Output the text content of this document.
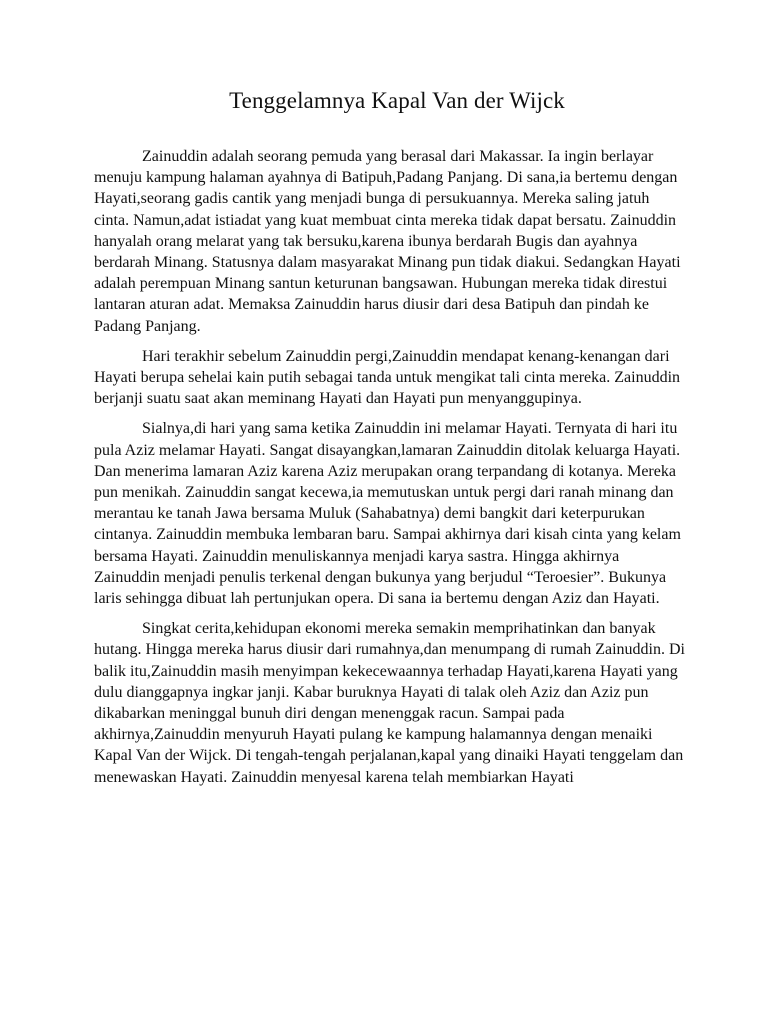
Tenggelamnya Kapal Van der Wijck

Zainuddin adalah seorang pemuda yang berasal dari Makassar. Ia ingin berlayar menuju kampung halaman ayahnya di Batipuh,Padang Panjang. Di sana,ia bertemu dengan Hayati,seorang gadis cantik yang menjadi bunga di persukuannya. Mereka saling jatuh cinta. Namun,adat istiadat yang kuat membuat cinta mereka tidak dapat bersatu. Zainuddin hanyalah orang melarat yang tak bersuku,karena ibunya berdarah Bugis dan ayahnya berdarah Minang. Statusnya dalam masyarakat Minang pun tidak diakui. Sedangkan Hayati adalah perempuan Minang santun keturunan bangsawan. Hubungan mereka tidak direstui lantaran aturan adat. Memaksa Zainuddin harus diusir dari desa Batipuh dan pindah ke Padang Panjang.

Hari terakhir sebelum Zainuddin pergi,Zainuddin mendapat kenang-kenangan dari Hayati berupa sehelai kain putih sebagai tanda untuk mengikat tali cinta mereka. Zainuddin berjanji suatu saat akan meminang Hayati dan Hayati pun menyanggupinya.

Sialnya,di hari yang sama ketika Zainuddin ini melamar Hayati. Ternyata di hari itu pula Aziz melamar Hayati. Sangat disayangkan,lamaran Zainuddin ditolak keluarga Hayati. Dan menerima lamaran Aziz karena Aziz merupakan orang terpandang di kotanya. Mereka pun menikah. Zainuddin sangat kecewa,ia memutuskan untuk pergi dari ranah minang dan merantau ke tanah Jawa bersama Muluk (Sahabatnya) demi bangkit dari keterpurukan cintanya. Zainuddin membuka lembaran baru. Sampai akhirnya dari kisah cinta yang kelam bersama Hayati. Zainuddin menuliskannya menjadi karya sastra. Hingga akhirnya Zainuddin menjadi penulis terkenal dengan bukunya yang berjudul “Teroesier”. Bukunya laris sehingga dibuat lah pertunjukan opera. Di sana ia bertemu dengan Aziz dan Hayati.

Singkat cerita,kehidupan ekonomi mereka semakin memprihatinkan dan banyak hutang. Hingga mereka harus diusir dari rumahnya,dan menumpang di rumah Zainuddin. Di balik itu,Zainuddin masih menyimpan kekecewaannya terhadap Hayati,karena Hayati yang dulu dianggapnya ingkar janji. Kabar buruknya Hayati di talak oleh Aziz dan Aziz pun dikabarkan meninggal bunuh diri dengan menenggak racun. Sampai pada akhirnya,Zainuddin menyuruh Hayati pulang ke kampung halamannya dengan menaiki Kapal Van der Wijck. Di tengah-tengah perjalanan,kapal yang dinaiki Hayati tenggelam dan menewaskan Hayati. Zainuddin menyesal karena telah membiarkan Hayati
